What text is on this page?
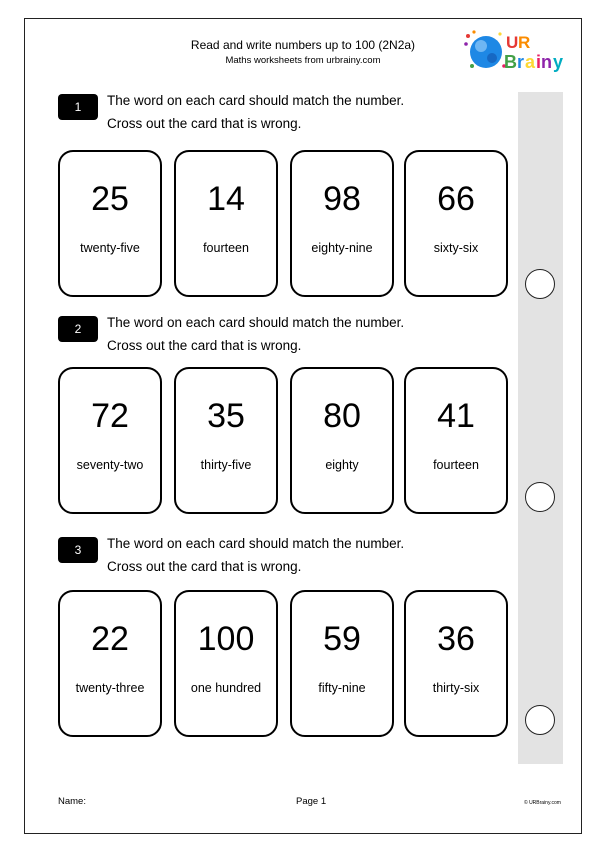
Read and write numbers up to 100 (2N2a)
Maths worksheets from urbrainy.com
U R
B r a i n y
1	The word on each card should match the number.
Cross out the card that is wrong.
25
twenty-five
14
fourteen
98
eighty-nine
66
sixty-six
2	The word on each card should match the number.
Cross out the card that is wrong.
72
seventy-two
35
thirty-five
80
eighty
41
fourteen
3	The word on each card should match the number.
Cross out the card that is wrong.
22
twenty-three
100
one hundred
59
fifty-nine
36
thirty-six
Name:	Page 1	© URBrainy.com
